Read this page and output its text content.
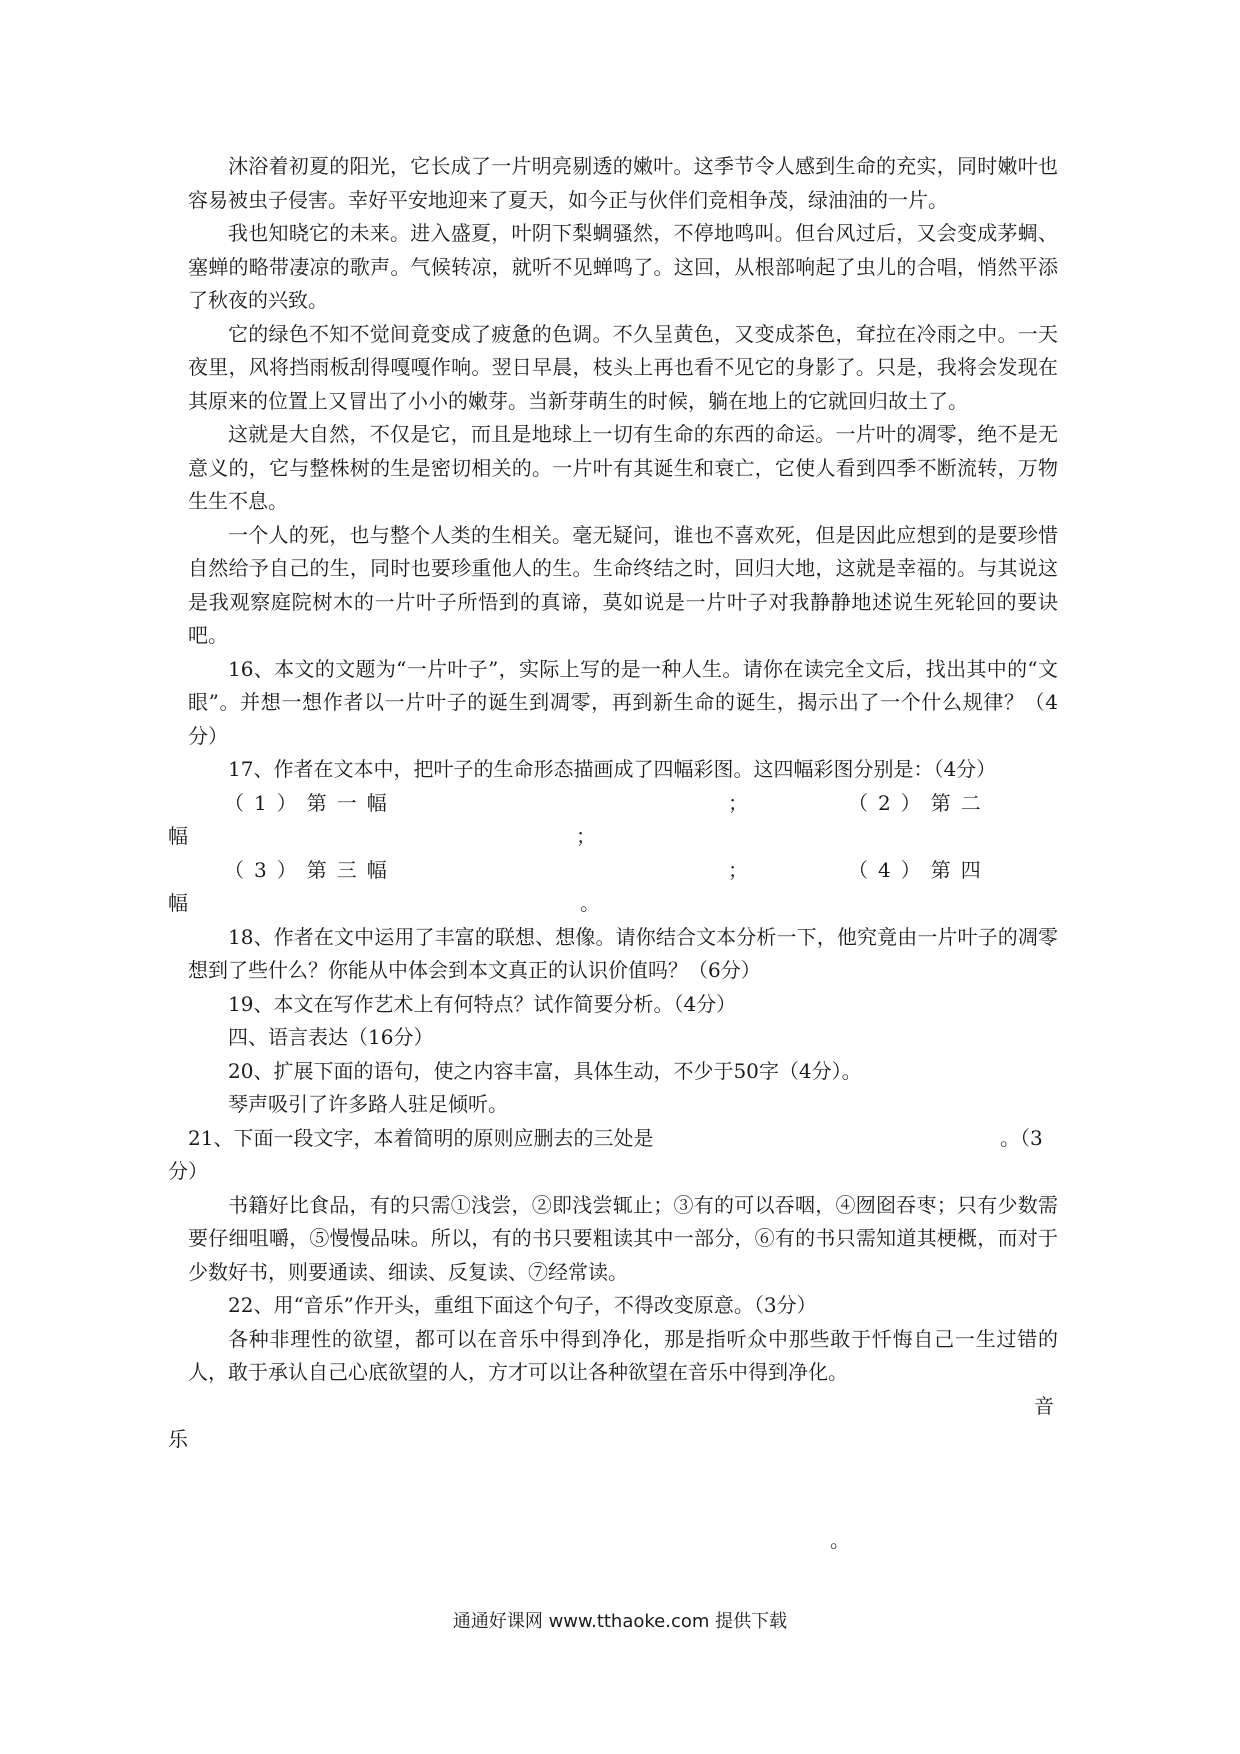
沐浴着初夏的阳光，它长成了一片明亮剔透的嫩叶。这季节令人感到生命的充实，同时嫩叶也容易被虫子侵害。幸好平安地迎来了夏天，如今正与伙伴们竞相争茂，绿油油的一片。

我也知晓它的未来。进入盛夏，叶阴下梨蜩骚然，不停地鸣叫。但台风过后，又会变成茅蜩、塞蝉的略带凄凉的歌声。气候转凉，就听不见蝉鸣了。这回，从根部响起了虫儿的合唱，悄然平添了秋夜的兴致。

它的绿色不知不觉间竟变成了疲惫的色调。不久呈黄色，又变成茶色，耷拉在冷雨之中。一天夜里，风将挡雨板刮得嘎嘎作响。翌日早晨，枝头上再也看不见它的身影了。只是，我将会发现在其原来的位置上又冒出了小小的嫩芽。当新芽萌生的时候，躺在地上的它就回归故土了。

这就是大自然，不仅是它，而且是地球上一切有生命的东西的命运。一片叶的凋零，绝不是无意义的，它与整株树的生是密切相关的。一片叶有其诞生和衰亡，它使人看到四季不断流转，万物生生不息。

一个人的死，也与整个人类的生相关。毫无疑问，谁也不喜欢死，但是因此应想到的是要珍惜自然给予自己的生，同时也要珍重他人的生。生命终结之时，回归大地，这就是幸福的。与其说这是我观察庭院树木的一片叶子所悟到的真谛，莫如说是一片叶子对我静静地述说生死轮回的要诀吧。

16、本文的文题为“一片叶子”，实际上写的是一种人生。请你在读完全文后，找出其中的“文眼”。并想一想作者以一片叶子的诞生到凋零，再到新生命的诞生，揭示出了一个什么规律？（4分）

17、作者在文本中，把叶子的生命形态描画成了四幅彩图。这四幅彩图分别是：（4分）

（1）第一幅	；	（2）第二
幅	；
（3）第三幅	；	（4）第四
幅	。

18、作者在文中运用了丰富的联想、想像。请你结合文本分析一下，他究竟由一片叶子的凋零想到了些什么？你能从中体会到本文真正的认识价值吗？（6分）

19、本文在写作艺术上有何特点？试作简要分析。（4分）

四、语言表达（16分）

20、扩展下面的语句，使之内容丰富，具体生动，不少于50字（4分）。

琴声吸引了许多路人驻足倾听。

21、下面一段文字，本着简明的原则应删去的三处是	。（3
分）

书籍好比食品，有的只需①浅尝，②即浅尝辄止；③有的可以吞咽，④囫囵吞枣；只有少数需要仔细咀嚼，⑤慢慢品味。所以，有的书只要粗读其中一部分，⑥有的书只需知道其梗概，而对于少数好书，则要通读、细读、反复读、⑦经常读。

22、用“音乐”作开头，重组下面这个句子，不得改变原意。（3分）

各种非理性的欲望，都可以在音乐中得到净化，那是指听众中那些敢于忏悔自己一生过错的人，敢于承认自己心底欲望的人，方才可以让各种欲望在音乐中得到净化。

音
乐
。
通通好课网 www.tthaoke.com 提供下载
